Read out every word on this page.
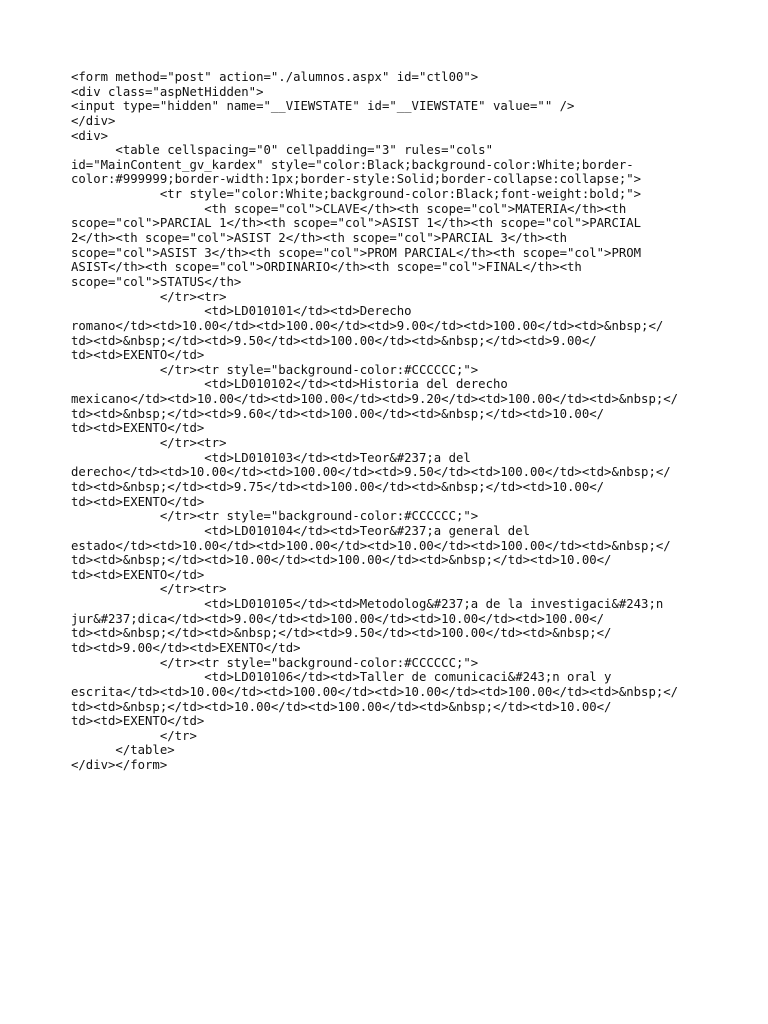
<form method="post" action="./alumnos.aspx" id="ctl00">
<div class="aspNetHidden">
<input type="hidden" name="__VIEWSTATE" id="__VIEWSTATE" value="" />
</div>
<div>
<table cellspacing="0" cellpadding="3" rules="cols"
id="MainContent_gv_kardex" style="color:Black;background-color:White;border-
color:#999999;border-width:1px;border-style:Solid;border-collapse:collapse;">
<tr style="color:White;background-color:Black;font-weight:bold;">
<th scope="col">CLAVE</th><th scope="col">MATERIA</th><th
scope="col">PARCIAL 1</th><th scope="col">ASIST 1</th><th scope="col">PARCIAL
2</th><th scope="col">ASIST 2</th><th scope="col">PARCIAL 3</th><th
scope="col">ASIST 3</th><th scope="col">PROM PARCIAL</th><th scope="col">PROM
ASIST</th><th scope="col">ORDINARIO</th><th scope="col">FINAL</th><th
scope="col">STATUS</th>
</tr><tr>
<td>LD010101</td><td>Derecho
romano</td><td>10.00</td><td>100.00</td><td>9.00</td><td>100.00</td><td>&nbsp;</
td><td>&nbsp;</td><td>9.50</td><td>100.00</td><td>&nbsp;</td><td>9.00</
td><td>EXENTO</td>
</tr><tr style="background-color:#CCCCCC;">
<td>LD010102</td><td>Historia del derecho
mexicano</td><td>10.00</td><td>100.00</td><td>9.20</td><td>100.00</td><td>&nbsp;</
td><td>&nbsp;</td><td>9.60</td><td>100.00</td><td>&nbsp;</td><td>10.00</
td><td>EXENTO</td>
</tr><tr>
<td>LD010103</td><td>Teor&#237;a del
derecho</td><td>10.00</td><td>100.00</td><td>9.50</td><td>100.00</td><td>&nbsp;</
td><td>&nbsp;</td><td>9.75</td><td>100.00</td><td>&nbsp;</td><td>10.00</
td><td>EXENTO</td>
</tr><tr style="background-color:#CCCCCC;">
<td>LD010104</td><td>Teor&#237;a general del
estado</td><td>10.00</td><td>100.00</td><td>10.00</td><td>100.00</td><td>&nbsp;</
td><td>&nbsp;</td><td>10.00</td><td>100.00</td><td>&nbsp;</td><td>10.00</
td><td>EXENTO</td>
</tr><tr>
<td>LD010105</td><td>Metodolog&#237;a de la investigaci&#243;n
jur&#237;dica</td><td>9.00</td><td>100.00</td><td>10.00</td><td>100.00</
td><td>&nbsp;</td><td>&nbsp;</td><td>9.50</td><td>100.00</td><td>&nbsp;</
td><td>9.00</td><td>EXENTO</td>
</tr><tr style="background-color:#CCCCCC;">
<td>LD010106</td><td>Taller de comunicaci&#243;n oral y
escrita</td><td>10.00</td><td>100.00</td><td>10.00</td><td>100.00</td><td>&nbsp;</
td><td>&nbsp;</td><td>10.00</td><td>100.00</td><td>&nbsp;</td><td>10.00</
td><td>EXENTO</td>
</tr>
</table>
</div></form>
